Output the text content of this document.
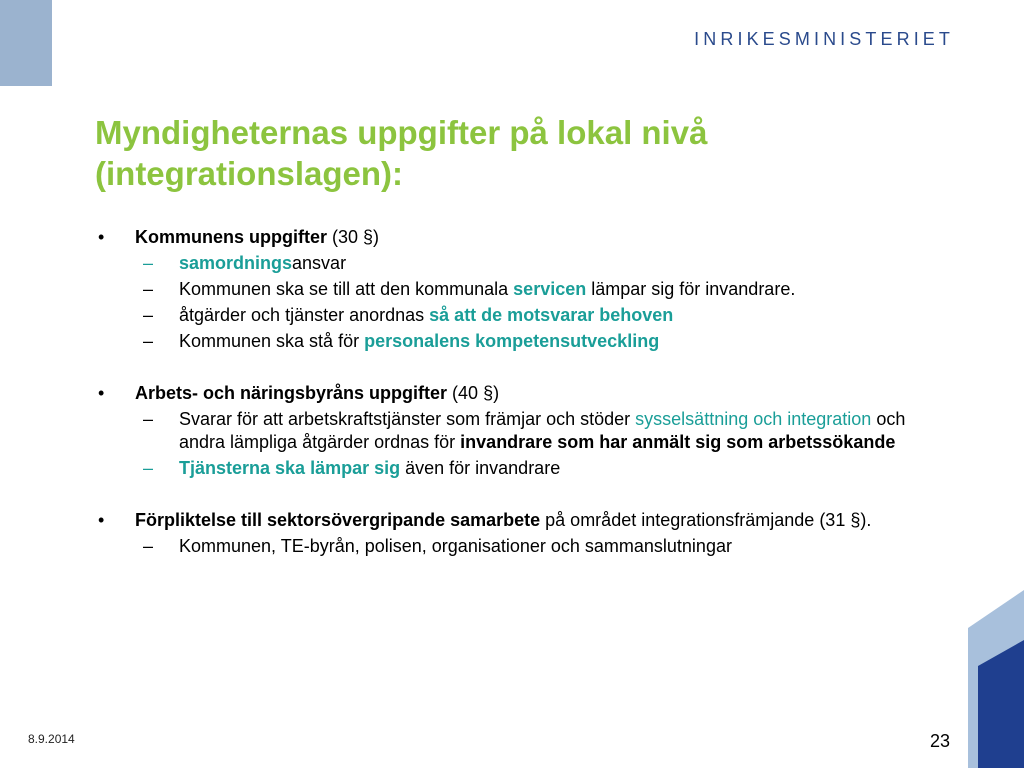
INRIKESMINISTERIET
Myndigheternas uppgifter på lokal nivå
(integrationslagen):
• Kommunens uppgifter (30 §)
– samordningsansvar
– Kommunen ska se till att den kommunala servicen lämpar sig för invandrare.
– åtgärder och tjänster anordnas så att de motsvarar behoven
– Kommunen ska stå för personalens kompetensutveckling
• Arbets- och näringsbyråns uppgifter (40 §)
– Svarar för att arbetskraftstjänster som främjar och stöder sysselsättning och integration och andra lämpliga åtgärder ordnas för invandrare som har anmält sig som arbetssökande
– Tjänsterna ska lämpar sig även för invandrare
• Förpliktelse till sektorsövergripande samarbete på området integrationsfrämjande (31 §).
– Kommunen, TE-byrån, polisen, organisationer och sammanslutningar
8.9.2014	23
